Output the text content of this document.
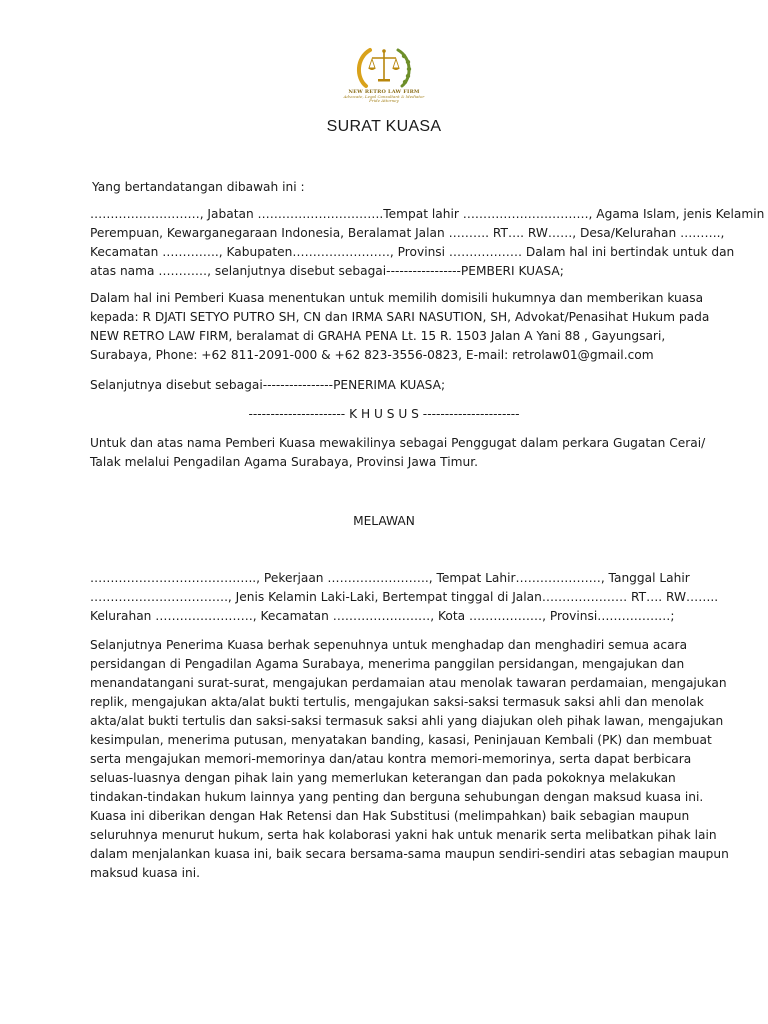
NEW RETRO LAW FIRM
Advocate, Legal Consultant & Mediator
Pride Attorney
SURAT KUASA
Yang bertandatangan dibawah ini :
………………………, Jabatan ………………………….Tempat lahir …………………………., Agama Islam, jenis Kelamin
Perempuan, Kewarganegaraan Indonesia, Beralamat Jalan ………. RT…. RW……, Desa/Kelurahan ……….,
Kecamatan ………….., Kabupaten……………………, Provinsi ……………… Dalam hal ini bertindak untuk dan
atas nama …………, selanjutnya disebut sebagai-----------------PEMBERI KUASA;
Dalam hal ini Pemberi Kuasa menentukan untuk memilih domisili hukumnya dan memberikan kuasa
kepada: R DJATI SETYO PUTRO SH, CN dan IRMA SARI NASUTION, SH, Advokat/Penasihat Hukum pada
NEW RETRO LAW FIRM, beralamat di GRAHA PENA Lt. 15 R. 1503 Jalan A Yani 88 , Gayungsari,
Surabaya, Phone: +62 811-2091-000 & +62 823-3556-0823, E-mail: retrolaw01@gmail.com
Selanjutnya disebut sebagai----------------PENERIMA KUASA;
---------------------- K H U S U S ----------------------
Untuk dan atas nama Pemberi Kuasa mewakilinya sebagai Penggugat dalam perkara Gugatan Cerai/
Talak melalui Pengadilan Agama Surabaya, Provinsi Jawa Timur.
MELAWAN
………………………………….., Pekerjaan ……………………., Tempat Lahir…………………, Tanggal Lahir
……………………………., Jenis Kelamin Laki-Laki, Bertempat tinggal di Jalan………………… RT…. RW……..
Kelurahan ……………………, Kecamatan ……………………, Kota ………………, Provinsi………………;
Selanjutnya Penerima Kuasa berhak sepenuhnya untuk menghadap dan menghadiri semua acara
persidangan di Pengadilan Agama Surabaya, menerima panggilan persidangan, mengajukan dan
menandatangani surat-surat, mengajukan perdamaian atau menolak tawaran perdamaian, mengajukan
replik, mengajukan akta/alat bukti tertulis, mengajukan saksi-saksi termasuk saksi ahli dan menolak
akta/alat bukti tertulis dan saksi-saksi termasuk saksi ahli yang diajukan oleh pihak lawan, mengajukan
kesimpulan, menerima putusan, menyatakan banding, kasasi, Peninjauan Kembali (PK) dan membuat
serta mengajukan memori-memorinya dan/atau kontra memori-memorinya, serta dapat berbicara
seluas-luasnya dengan pihak lain yang memerlukan keterangan dan pada pokoknya melakukan
tindakan-tindakan hukum lainnya yang penting dan berguna sehubungan dengan maksud kuasa ini.
Kuasa ini diberikan dengan Hak Retensi dan Hak Substitusi (melimpahkan) baik sebagian maupun
seluruhnya menurut hukum, serta hak kolaborasi yakni hak untuk menarik serta melibatkan pihak lain
dalam menjalankan kuasa ini, baik secara bersama-sama maupun sendiri-sendiri atas sebagian maupun
maksud kuasa ini.
